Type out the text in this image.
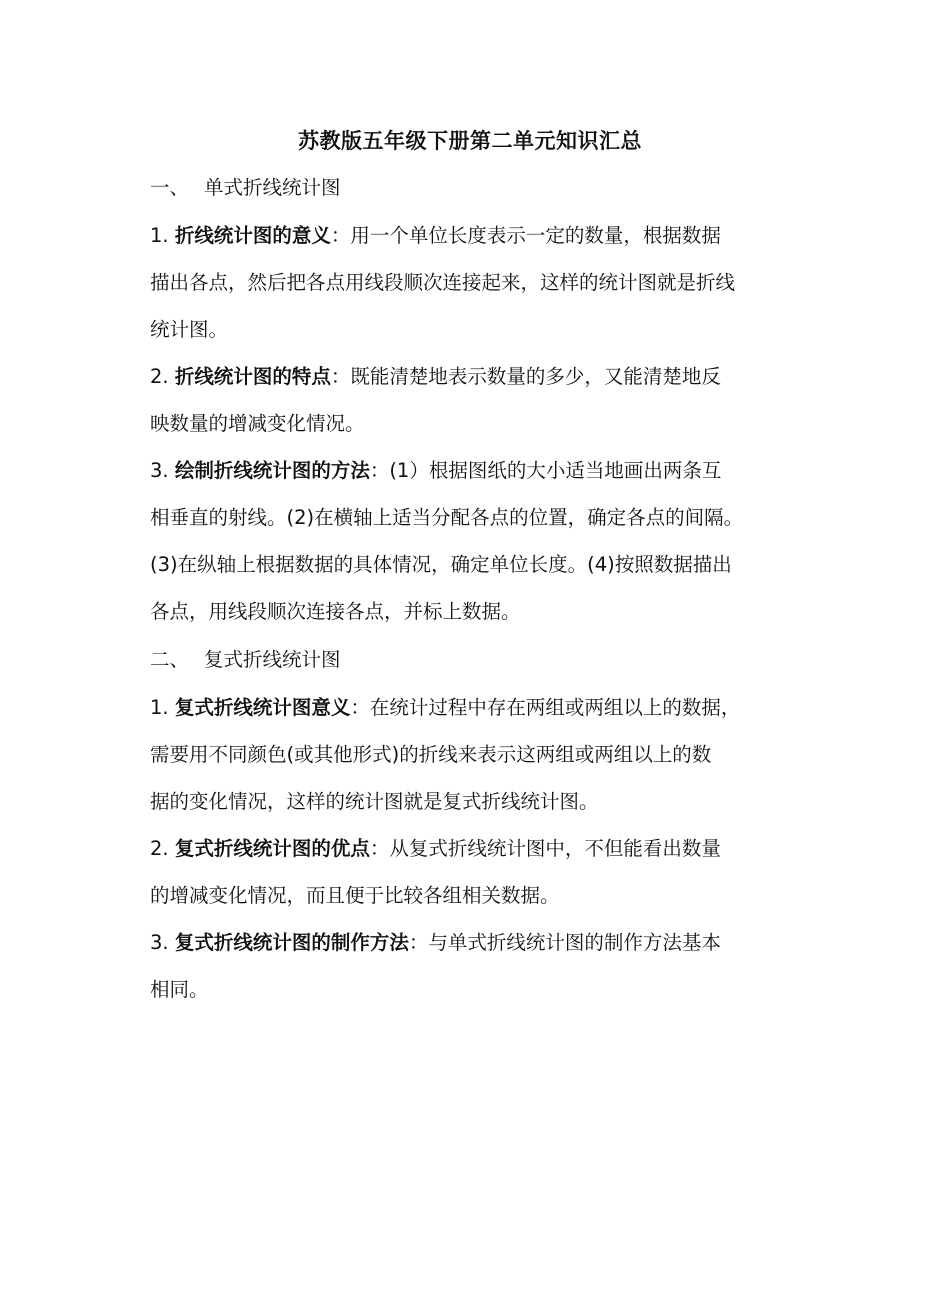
苏教版五年级下册第二单元知识汇总
一、 单式折线统计图
1. 折线统计图的意义：用一个单位长度表示一定的数量，根据数据
描出各点，然后把各点用线段顺次连接起来，这样的统计图就是折线
统计图。
2. 折线统计图的特点：既能清楚地表示数量的多少，又能清楚地反
映数量的增减变化情况。
3. 绘制折线统计图的方法：(1）根据图纸的大小适当地画出两条互
相垂直的射线。(2)在横轴上适当分配各点的位置，确定各点的间隔。
(3)在纵轴上根据数据的具体情况，确定单位长度。(4)按照数据描出
各点，用线段顺次连接各点，并标上数据。
二、 复式折线统计图
1. 复式折线统计图意义：在统计过程中存在两组或两组以上的数据，
需要用不同颜色(或其他形式)的折线来表示这两组或两组以上的数
据的变化情况，这样的统计图就是复式折线统计图。
2. 复式折线统计图的优点：从复式折线统计图中，不但能看出数量
的增减变化情况，而且便于比较各组相关数据。
3. 复式折线统计图的制作方法：与单式折线统计图的制作方法基本
相同。
